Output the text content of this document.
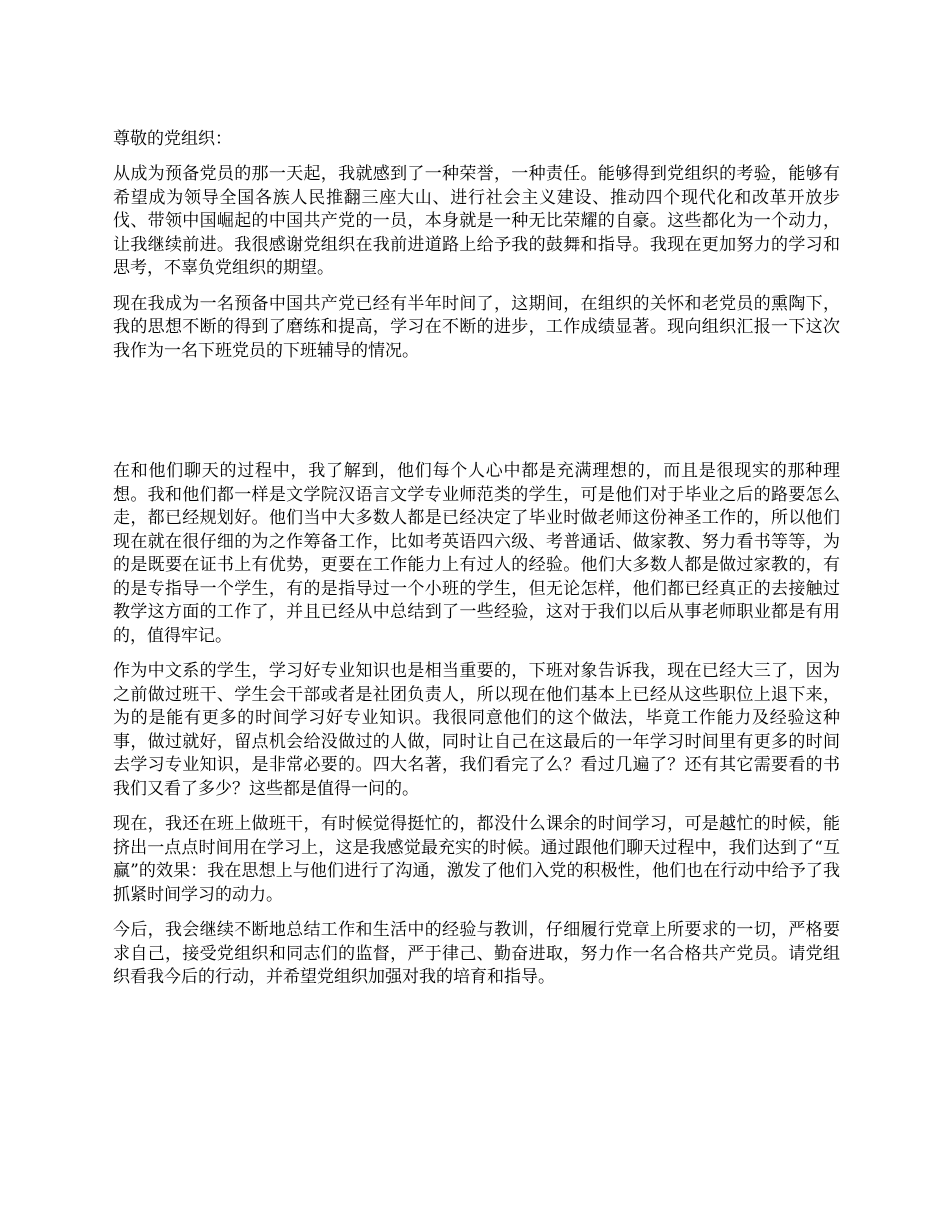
尊敬的党组织：

从成为预备党员的那一天起，我就感到了一种荣誉，一种责任。能够得到党组织的考验，能够有希望成为领导全国各族人民推翻三座大山、进行社会主义建设、推动四个现代化和改革开放步伐、带领中国崛起的中国共产党的一员，本身就是一种无比荣耀的自豪。这些都化为一个动力，让我继续前进。我很感谢党组织在我前进道路上给予我的鼓舞和指导。我现在更加努力的学习和思考，不辜负党组织的期望。

现在我成为一名预备中国共产党已经有半年时间了，这期间，在组织的关怀和老党员的熏陶下，我的思想不断的得到了磨练和提高，学习在不断的进步，工作成绩显著。现向组织汇报一下这次我作为一名下班党员的下班辅导的情况。

在和他们聊天的过程中，我了解到，他们每个人心中都是充满理想的，而且是很现实的那种理想。我和他们都一样是文学院汉语言文学专业师范类的学生，可是他们对于毕业之后的路要怎么走，都已经规划好。他们当中大多数人都是已经决定了毕业时做老师这份神圣工作的，所以他们现在就在很仔细的为之作筹备工作，比如考英语四六级、考普通话、做家教、努力看书等等，为的是既要在证书上有优势，更要在工作能力上有过人的经验。他们大多数人都是做过家教的，有的是专指导一个学生，有的是指导过一个小班的学生，但无论怎样，他们都已经真正的去接触过教学这方面的工作了，并且已经从中总结到了一些经验，这对于我们以后从事老师职业都是有用的，值得牢记。

作为中文系的学生，学习好专业知识也是相当重要的，下班对象告诉我，现在已经大三了，因为之前做过班干、学生会干部或者是社团负责人，所以现在他们基本上已经从这些职位上退下来，为的是能有更多的时间学习好专业知识。我很同意他们的这个做法，毕竟工作能力及经验这种事，做过就好，留点机会给没做过的人做，同时让自己在这最后的一年学习时间里有更多的时间去学习专业知识，是非常必要的。四大名著，我们看完了么？看过几遍了？还有其它需要看的书我们又看了多少？这些都是值得一问的。

现在，我还在班上做班干，有时候觉得挺忙的，都没什么课余的时间学习，可是越忙的时候，能挤出一点点时间用在学习上，这是我感觉最充实的时候。通过跟他们聊天过程中，我们达到了“互赢”的效果：我在思想上与他们进行了沟通，激发了他们入党的积极性，他们也在行动中给予了我抓紧时间学习的动力。

今后，我会继续不断地总结工作和生活中的经验与教训，仔细履行党章上所要求的一切，严格要求自己，接受党组织和同志们的监督，严于律己、勤奋进取，努力作一名合格共产党员。请党组织看我今后的行动，并希望党组织加强对我的培育和指导。
